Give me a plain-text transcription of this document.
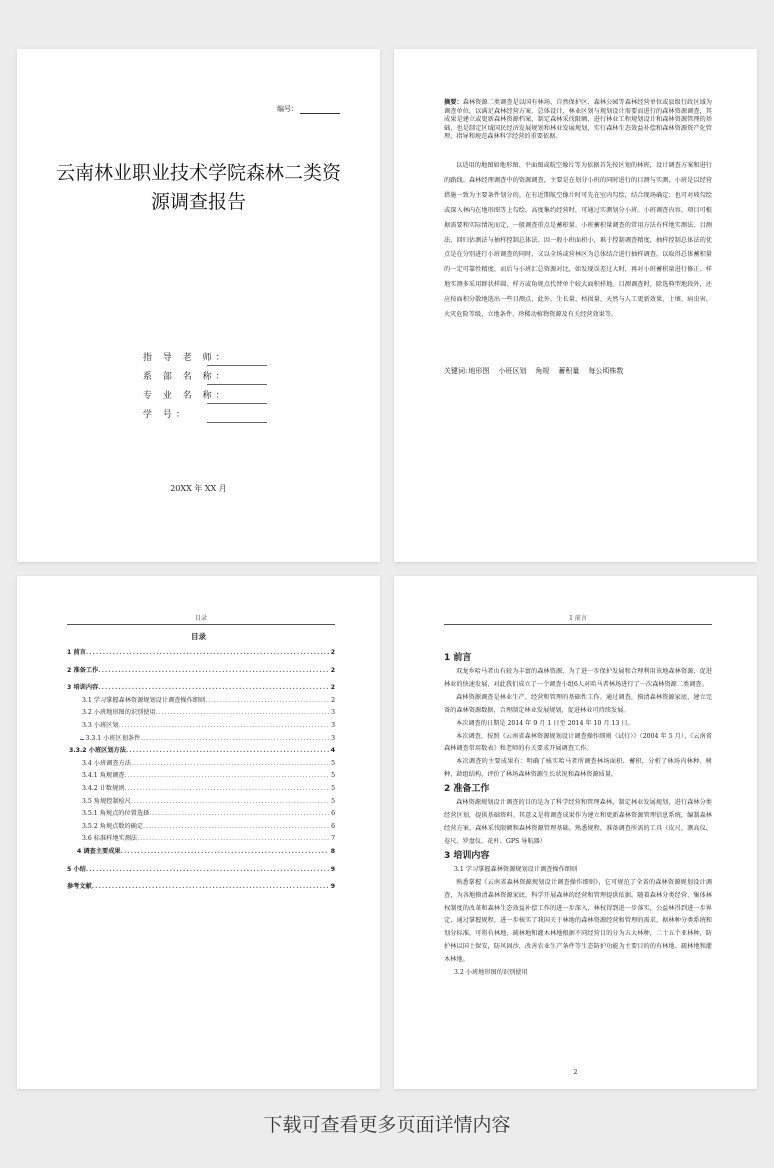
编号：
云南林业职业技术学院森林二类资源调查报告
指 导 老 师：
系 部 名 称：
专 业 名 称：
学 号：
20XX 年 XX 月
摘要：森林资源二类调查是以国有林场、自然保护区、森林公园等森林经营单位或县级行政区域为调查单位，以满足森林经营方案、总体设计、林业区划与规划设计需要而进行的森林资源调查，其成果是建立或更新森林资源档案，制定森林采伐限额，进行林业工程规划设计和森林资源管理的基础，也是制定区域国民经济发展规划和林业发展规划，实行森林生态效益补偿和森林资源资产化管理，指导和规范森林科学经营的重要依据。
以适用的地图如地形图、平面图或航空像片等为依据首先按区划的林班，设计调查方案和进行的路线。森林经理调查中的资源调查，主要是在划分小班的同时进行的目测与实测，小班是以经营措施一致为主要条件划分的。在有近期航空像片时可先在室内勾绘，结合现场确定；也可对坡勾绘或深入林内在地形图等上勾绘。高度集约经营时，可通过实测划分小班。小班调查内容，项目可根据需要和实际情况而定，一般调查重点是蓄积量。小班蓄积量调查的常用方法有样地实测法、目测法、回归估测法与抽样控制总体法。因一般小班面积小，难于控制调查精度，抽样控制总体法的优点是在分别进行小班调查的同时，又以全场或营林区为总体结合进行抽样调查，以取得总体蓄积量的一定可靠性精度，而后与小班汇总资源对比，如发现误差过大时，再对小班蓄积量进行修正。样地实测多采用群状样圆、样方或角规点代替单个较大面积样地。目测调查时，除选典型地段外，还应按面积分散地选出一些目测点，此外，生长量、枯损量、天然与人工更新效果、土壤、病虫害、火灾危险等级、立地条件、珍稀动植物资源及有关经营效果等。
关键词:地形图 小班区划 角规 蓄积量 每公顷株数
目录
目录
1 前言 .....	2
2 准备工作 .....	2
3 培训内容 .....	2
3.1 学习掌握森林资源规划设计调查操作细则 .....	2
3.2 小班地形图的识别使用 .....	3
3.3 小班区划 .....	3
3.3.1 小班区划条件 .....	3
3.3.2 小班区划方法 .....	4
3.4 小班调查方法 .....	5
3.4.1 角规调查 .....	5
3.4.2 计数规则 .....	5
3.5 角规控制检尺 .....	5
3.5.1 角规点的位置选择 .....	6
3.5.2 角规点数的确定 .....	6
3.6 标准样地实测法 .....	7
4 调查主要成果 .....	8
5 小结 .....	9
参考文献 .....	9
1 前言
1 前言

双龙乡哈马者山有较为丰富的森林资源，为了进一步保护发展和合理利用该地森林资源，促进林业的快速发展，对此我们成立了一个调查小组6人对哈马者林场进行了一次森林资源二类调查。

森林资源调查是林业生产、经营和管理的基础性工作。通过调查，摸清森林资源家底，建立完备的森林资源数据，合理制定林业发展规划，促进林业可持续发展。

本次调查的日期是 2014 年 9 月 1 日至 2014 年 10 月 13 日。

本次调查，按照《云南省森林资源规划设计调查操作细则（试行）》（2004 年 5 月）、《云南省森林调查常用数表》和老师的有关要求开展调查工作。

本次调查的主要成果有：明确了核实哈马者所调查林场面积、蓄积，分析了林场内林种、树种、龄组结构，评价了林场森林资源生长状况和森林资源质量。

2 准备工作

森林资源规划设计调查的目的是为了科学经营和管理森林，制定林业发展规划，进行森林分类经营区划，提供基础资料。其意义是将调查成果作为建立和更新森林资源管理信息系统，编制森林经营方案、森林采伐限额和森林资源管理基础。熟悉规程，准备调查所需的工具（皮尺、测高仪、卷尺、罗盘仪、花杆、GPS 导航器）

3 培训内容

3.1 学习掌握森林资源规划设计调查操作细则

熟悉掌握《云南省森林资源规划设计调查操作细则》，它可规范了全省的森林资源规划设计调查，为各地摸清森林资源家底，科学开展森林的经营和管理提供依据。随着森林分类经营、集体林权制度的改革和森林生态效益补偿工作的进一步深入，林权得到进一步落实，公益林得到进一步界定，通过掌握规程，进一步核实了我国关于林地的森林资源经营和管理的需求，据林种分类系统和划分标准，可将有林地、疏林地和灌木林地根据不同经营目的分为五大林种，二十五个亚林种，防护林以国土保安，防风固沙，改善农业生产条件等生态防护功能为主要目的的有林地、疏林地和灌木林地。

3.2 小班地形图的识别使用

2
下载可查看更多页面详情内容
